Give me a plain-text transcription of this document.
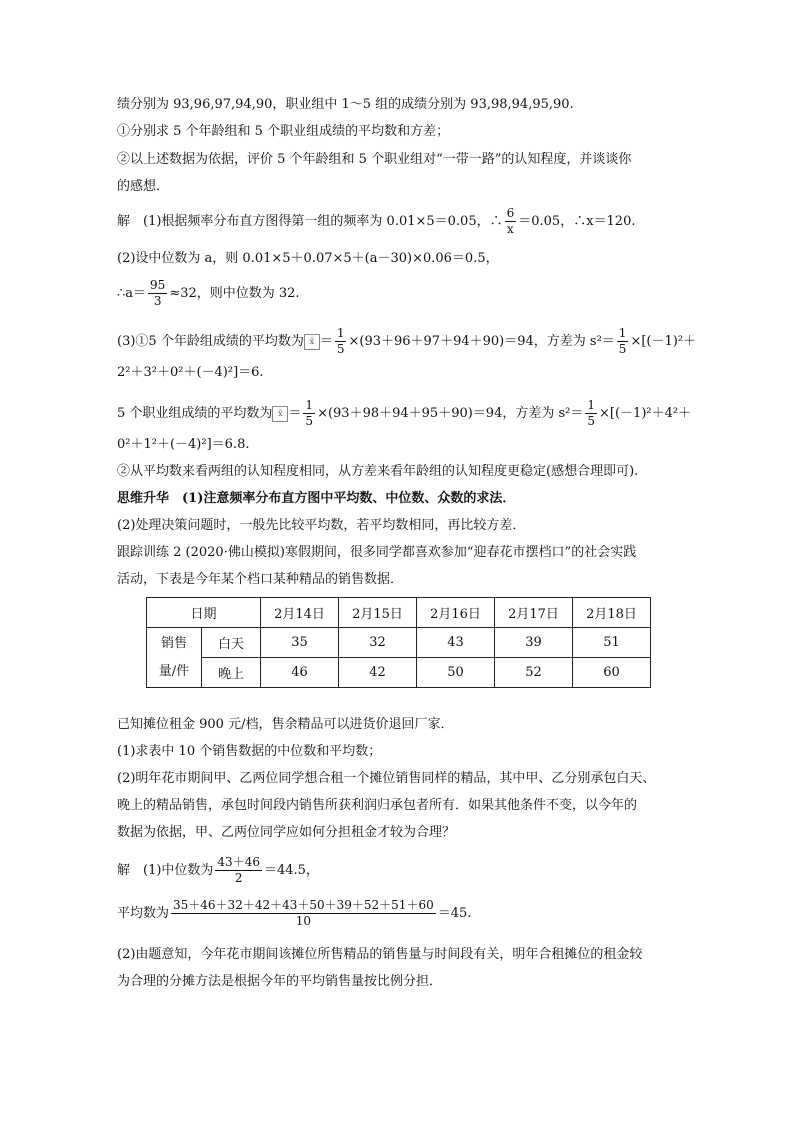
绩分别为 93,96,97,94,90，职业组中 1～5 组的成绩分别为 93,98,94,95,90.
①分别求 5 个年龄组和 5 个职业组成绩的平均数和方差；
②以上述数据为依据，评价 5 个年龄组和 5 个职业组对“一带一路”的认知程度，并谈谈你
的感想．
解　(1)根据频率分布直方图得第一组的频率为 0.01×5＝0.05，∴ $\frac{6}{x} =0.05$，∴x＝120.
(2)设中位数为 a，则 0.01×5＋0.07×5＋(a－30)×0.06＝0.5，
∴a＝ $\frac{95}{3} \approx 32$，则中位数为 32.
(3)①5 个年龄组成绩的平均数为 x̄ ＝ $\frac{1}{5} \times(93+96+97+94+90)=94$，方差为 $s^2= \frac{1}{5} \times[(-1)^2+$
2²＋3²＋0²＋(－4)²]＝6.
5 个职业组成绩的平均数为 x̄ ＝ $\frac{1}{5} \times(93+98+94+95+90)=94$，方差为 $s^2= \frac{1}{5} \times[(-1)^2+4^2+$
0²＋1²＋(－4)²]＝6.8.
②从平均数来看两组的认知程度相同，从方差来看年龄组的认知程度更稳定(感想合理即可).
思维升华　(1)注意频率分布直方图中平均数、中位数、众数的求法．
(2)处理决策问题时，一般先比较平均数，若平均数相同，再比较方差．
跟踪训练 2 (2020·佛山模拟)寒假期间，很多同学都喜欢参加“迎春花市摆档口”的社会实践
活动，下表是今年某个档口某种精品的销售数据．
日期		2月14日	2月15日	2月16日	2月17日	2月18日
销售
量/件	白天	35	32	43	39	51
	晚上	46	42	50	52	60
已知摊位租金 900 元/档，售余精品可以进货价退回厂家．
(1)求表中 10 个销售数据的中位数和平均数；
(2)明年花市期间甲、乙两位同学想合租一个摊位销售同样的精品，其中甲、乙分别承包白天、
晚上的精品销售，承包时间段内销售所获利润归承包者所有．如果其他条件不变，以今年的
数据为依据，甲、乙两位同学应如何分担租金才较为合理？
解　(1)中位数为 $\frac{43+46}{2} =44.5$，
平均数为 $\frac{35+46+32+42+43+50+39+52+51+60}{10} =45$.
(2)由题意知，今年花市期间该摊位所售精品的销售量与时间段有关，明年合租摊位的租金较
为合理的分摊方法是根据今年的平均销售量按比例分担．
